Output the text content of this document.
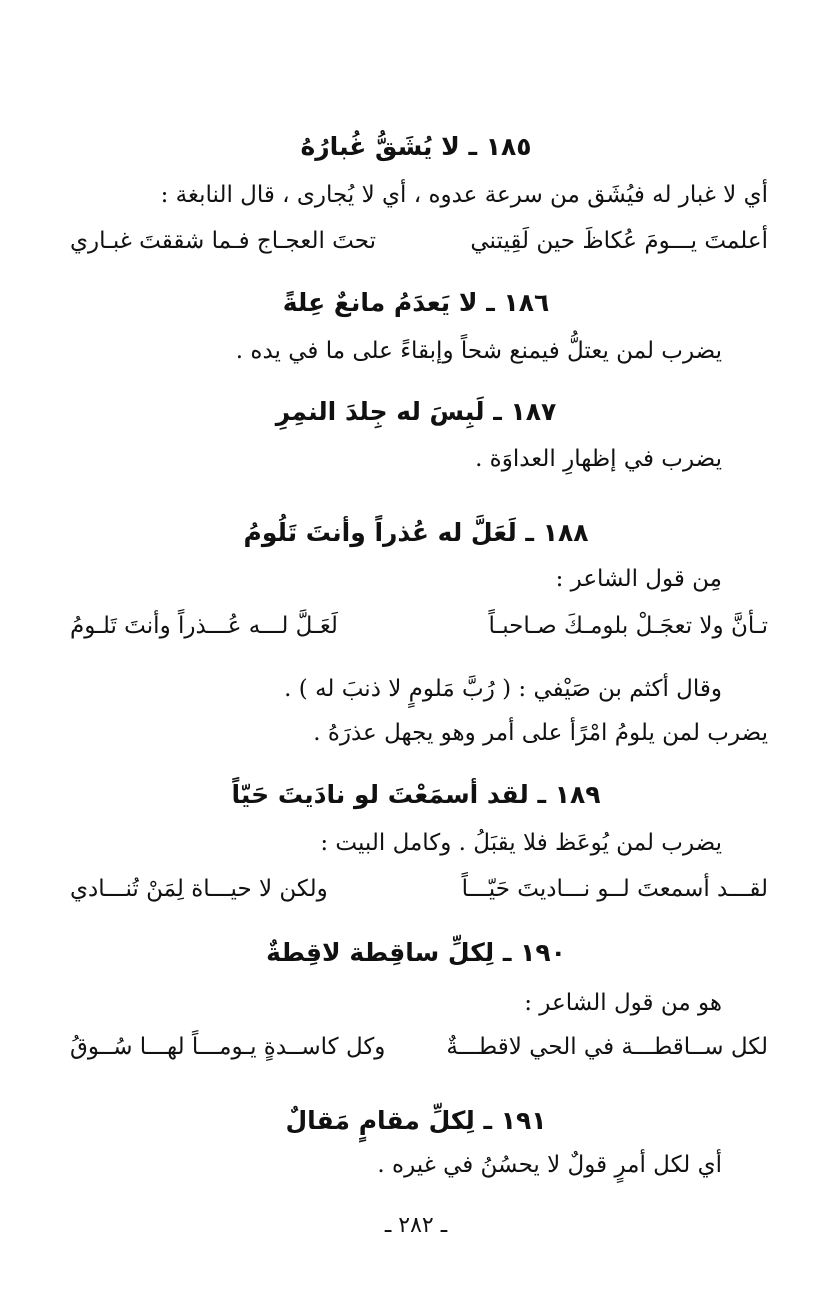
١٨٥ ـ لا يُشَقُّ غُبارُهُ
أي لا غبار له فيُشَق من سرعة عدوه ، أي لا يُجارى ، قال النابغة :
أعلمتَ يـــومَ عُكاظَ حين لَقِيتني
تحتَ العجـاج فـما شققتَ غبـاري
١٨٦ ـ لا يَعدَمُ مانعٌ عِلةً
يضرب لمن يعتلُّ فيمنع شحاً وإبقاءً على ما في يده .
١٨٧ ـ لَبِسَ له جِلدَ النمِرِ
يضرب في إظهارِ العداوَة .
١٨٨ ـ لَعَلَّ له عُذراً وأنتَ تَلُومُ
مِن قول الشاعر :
تـأنَّ ولا تعجَـلْ بلومـكَ صـاحبـاً
لَعَـلَّ لـــه عُـــذراً وأنتَ تَلـومُ
وقال أكثم بن صَيْفي : ( رُبَّ مَلومٍ لا ذنبَ له ) .
يضرب لمن يلومُ امْرًأ على أمر وهو يجهل عذرَهُ .
١٨٩ ـ لقد أسمَعْتَ لو نادَيتَ حَيّاً
يضرب لمن يُوعَظ فلا يقبَلُ . وكامل البيت :
لقـــد أسمعتَ لــو نـــاديتَ حَيّـــاً
ولكن لا حيـــاة لِمَنْ تُنـــادي
١٩٠ ـ لِكلِّ ساقِطة لاقِطةٌ
هو من قول الشاعر :
لكل ســاقطـــة في الحي لاقطـــةٌ
وكل كاســدةٍ يـومـــاً لهـــا سُــوقُ
١٩١ ـ لِكلِّ مقامٍ مَقالٌ
أي لكل أمرٍ قولٌ لا يحسُنُ في غيره .
ـ ٢٨٢ ـ
